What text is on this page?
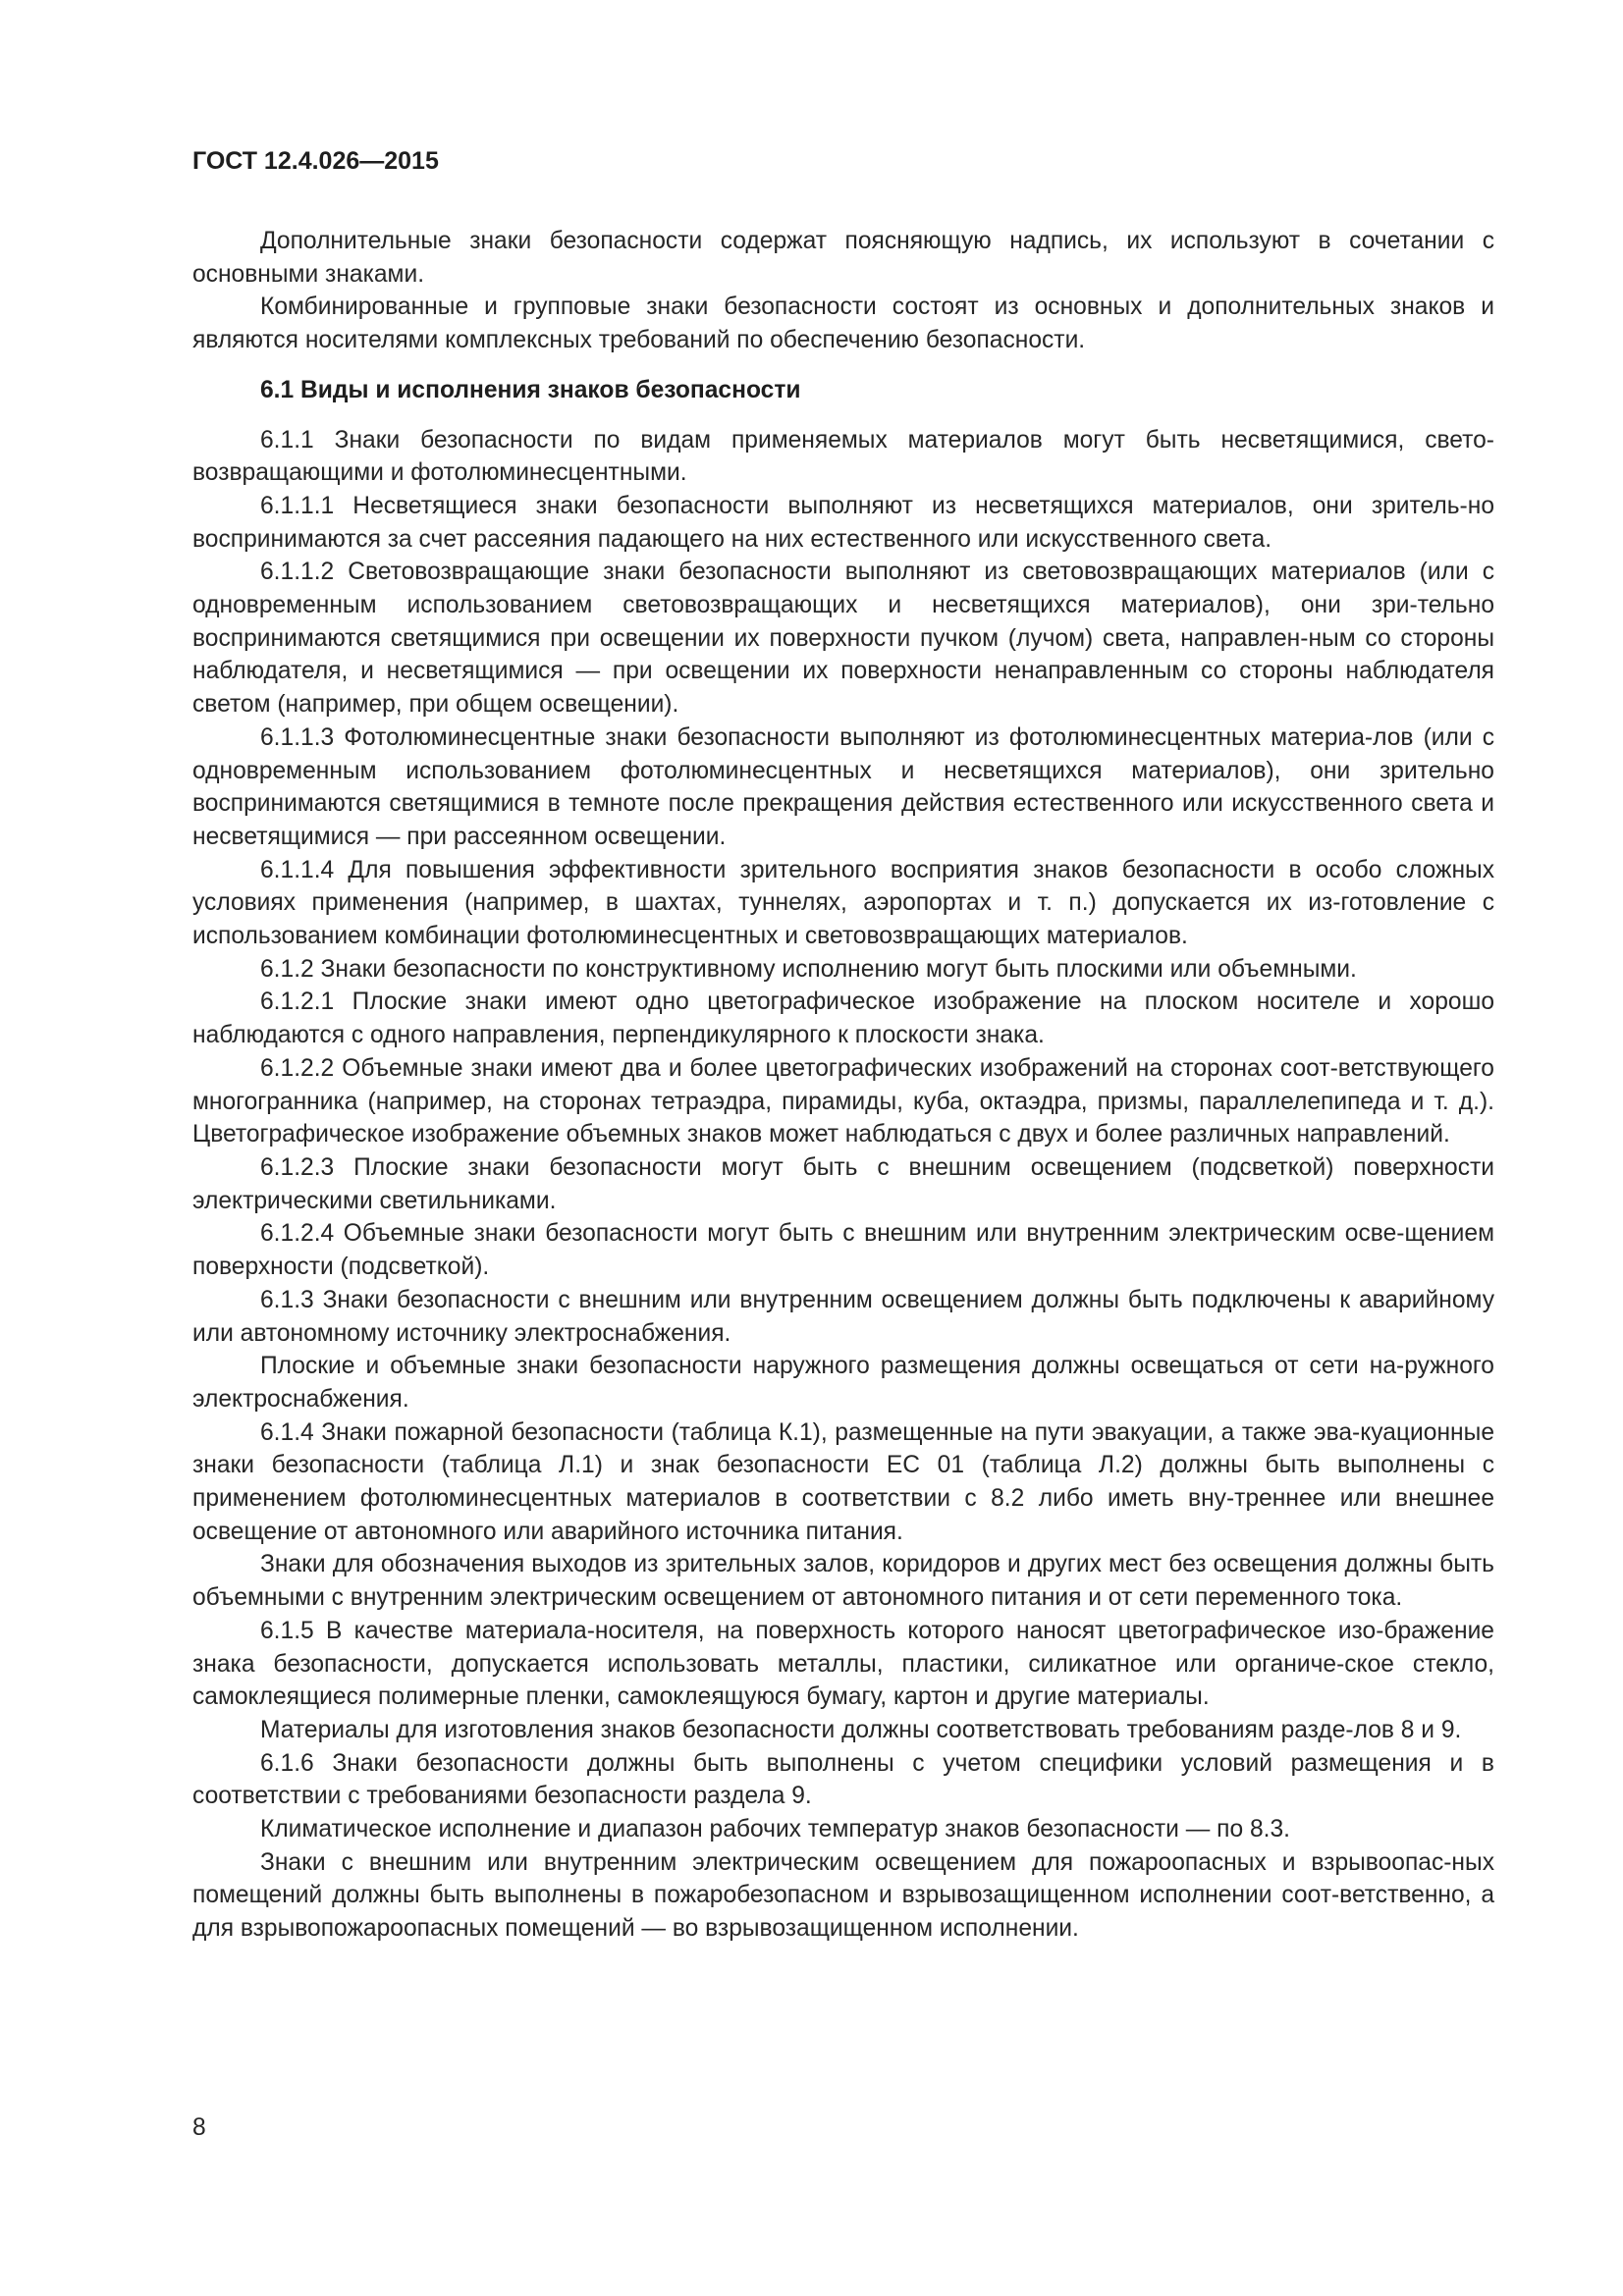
ГОСТ 12.4.026—2015

Дополнительные знаки безопасности содержат поясняющую надпись, их используют в сочетании с основными знаками.

Комбинированные и групповые знаки безопасности состоят из основных и дополнительных знаков и являются носителями комплексных требований по обеспечению безопасности.

6.1 Виды и исполнения знаков безопасности

6.1.1 Знаки безопасности по видам применяемых материалов могут быть несветящимися, свето-возвращающими и фотолюминесцентными.

6.1.1.1 Несветящиеся знаки безопасности выполняют из несветящихся материалов, они зритель-но воспринимаются за счет рассеяния падающего на них естественного или искусственного света.

6.1.1.2 Световозвращающие знаки безопасности выполняют из световозвращающих материалов (или с одновременным использованием световозвращающих и несветящихся материалов), они зри-тельно воспринимаются светящимися при освещении их поверхности пучком (лучом) света, направлен-ным со стороны наблюдателя, и несветящимися — при освещении их поверхности ненаправленным со стороны наблюдателя светом (например, при общем освещении).

6.1.1.3 Фотолюминесцентные знаки безопасности выполняют из фотолюминесцентных материа-лов (или с одновременным использованием фотолюминесцентных и несветящихся материалов), они зрительно воспринимаются светящимися в темноте после прекращения действия естественного или искусственного света и несветящимися — при рассеянном освещении.

6.1.1.4 Для повышения эффективности зрительного восприятия знаков безопасности в особо сложных условиях применения (например, в шахтах, туннелях, аэропортах и т. п.) допускается их из-готовление с использованием комбинации фотолюминесцентных и световозвращающих материалов.

6.1.2 Знаки безопасности по конструктивному исполнению могут быть плоскими или объемными.

6.1.2.1 Плоские знаки имеют одно цветографическое изображение на плоском носителе и хорошо наблюдаются с одного направления, перпендикулярного к плоскости знака.

6.1.2.2 Объемные знаки имеют два и более цветографических изображений на сторонах соот-ветствующего многогранника (например, на сторонах тетраэдра, пирамиды, куба, октаэдра, призмы, параллелепипеда и т. д.). Цветографическое изображение объемных знаков может наблюдаться с двух и более различных направлений.

6.1.2.3 Плоские знаки безопасности могут быть с внешним освещением (подсветкой) поверхности электрическими светильниками.

6.1.2.4 Объемные знаки безопасности могут быть с внешним или внутренним электрическим осве-щением поверхности (подсветкой).

6.1.3 Знаки безопасности с внешним или внутренним освещением должны быть подключены к аварийному или автономному источнику электроснабжения.

Плоские и объемные знаки безопасности наружного размещения должны освещаться от сети на-ружного электроснабжения.

6.1.4 Знаки пожарной безопасности (таблица К.1), размещенные на пути эвакуации, а также эва-куационные знаки безопасности (таблица Л.1) и знак безопасности ЕС 01 (таблица Л.2) должны быть выполнены с применением фотолюминесцентных материалов в соответствии с 8.2 либо иметь вну-треннее или внешнее освещение от автономного или аварийного источника питания.

Знаки для обозначения выходов из зрительных залов, коридоров и других мест без освещения должны быть объемными с внутренним электрическим освещением от автономного питания и от сети переменного тока.

6.1.5 В качестве материала-носителя, на поверхность которого наносят цветографическое изо-бражение знака безопасности, допускается использовать металлы, пластики, силикатное или органиче-ское стекло, самоклеящиеся полимерные пленки, самоклеящуюся бумагу, картон и другие материалы.

Материалы для изготовления знаков безопасности должны соответствовать требованиям разде-лов 8 и 9.

6.1.6 Знаки безопасности должны быть выполнены с учетом специфики условий размещения и в соответствии с требованиями безопасности раздела 9.

Климатическое исполнение и диапазон рабочих температур знаков безопасности — по 8.3.

Знаки с внешним или внутренним электрическим освещением для пожароопасных и взрывоопас-ных помещений должны быть выполнены в пожаробезопасном и взрывозащищенном исполнении соот-ветственно, а для взрывопожароопасных помещений — во взрывозащищенном исполнении.

8
